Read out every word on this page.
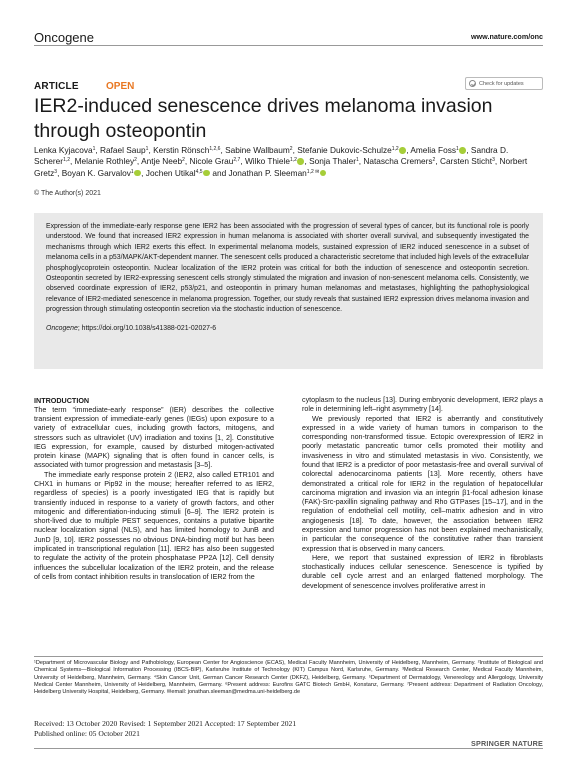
Oncogene	www.nature.com/onc
ARTICLE	OPEN	Check for updates
IER2-induced senescence drives melanoma invasion through osteopontin
Lenka Kyjacova$^1$, Rafael Saup$^1$, Kerstin Rönsch$^{1,2,6}$, Sabine Wallbaum$^2$, Stefanie Dukovic-Schulze$^{1,2}$ , Amelia Foss$^1$ , Sandra D. Scherer$^{1,2}$, Melanie Rothley$^2$, Antje Neeb$^2$, Nicole Grau$^{2,7}$, Wilko Thiele$^{1,2}$ , Sonja Thaler$^1$, Natascha Cremers$^2$, Carsten Sticht$^3$, Norbert Gretz$^3$, Boyan K. Garvalov$^1$ , Jochen Utikal$^{4,5}$ and Jonathan P. Sleeman$^{1,2 ✉}$
© The Author(s) 2021

Expression of the immediate-early response gene IER2 has been associated with the progression of several types of cancer, but its functional role is poorly understood. We found that increased IER2 expression in human melanoma is associated with shorter overall survival, and subsequently investigated the mechanisms through which IER2 exerts this effect. In experimental melanoma models, sustained expression of IER2 induced senescence in a subset of melanoma cells in a p53/MAPK/AKT-dependent manner. The senescent cells produced a characteristic secretome that included high levels of the extracellular phosphoglycoprotein osteopontin. Nuclear localization of the IER2 protein was critical for both the induction of senescence and osteopontin secretion. Osteopontin secreted by IER2-expressing senescent cells strongly stimulated the migration and invasion of non-senescent melanoma cells. Consistently, we observed coordinate expression of IER2, p53/p21, and osteopontin in primary human melanomas and metastases, highlighting the pathophysiological relevance of IER2-mediated senescence in melanoma progression. Together, our study reveals that sustained IER2 expression drives melanoma invasion and progression through stimulating osteopontin secretion via the stochastic induction of senescence.

Oncogene; https://doi.org/10.1038/s41388-021-02027-6

INTRODUCTION

The term “immediate-early response” (IER) describes the collective transient expression of immediate-early genes (IEGs) upon exposure to a variety of extracellular cues, including growth factors, mitogens, and stressors such as ultraviolet (UV) irradiation and toxins [1, 2]. Constitutive IEG expression, for example, caused by disturbed mitogen-activated protein kinase (MAPK) signaling that is often found in cancer cells, is associated with tumor progression and metastasis [3–5].

The immediate early response protein 2 (IER2, also called ETR101 and CHX1 in humans or Pip92 in the mouse; hereafter referred to as IER2, regardless of species) is a poorly investigated IEG that is rapidly but transiently induced in response to a variety of growth factors, and other mitogenic and differentiation-inducing stimuli [6–9]. The IER2 protein is short-lived due to multiple PEST sequences, contains a putative bipartite nuclear localization signal (NLS), and has limited homology to JunB and JunD [9, 10]. IER2 possesses no obvious DNA-binding motif but has been implicated in transcriptional regulation [11]. IER2 has also been suggested to regulate the activity of the protein phosphatase PP2A [12]. Cell density influences the subcellular localization of the IER2 protein, and the release of cells from contact inhibition results in translocation of IER2 from the

cytoplasm to the nucleus [13]. During embryonic development, IER2 plays a role in determining left–right asymmetry [14].

We previously reported that IER2 is aberrantly and constitutively expressed in a wide variety of human tumors in comparison to the corresponding non-transformed tissue. Ectopic overexpression of IER2 in poorly metastatic pancreatic tumor cells promoted their motility and invasiveness in vitro and stimulated metastasis in vivo. Consistently, we found that IER2 is a predictor of poor metastasis-free and overall survival of colorectal adenocarcinoma patients [13]. More recently, others have demonstrated a critical role for IER2 in the regulation of hepatocellular carcinoma migration and invasion via an integrin β1-focal adhesion kinase (FAK)-Src-paxillin signaling pathway and Rho GTPases [15–17], and in the regulation of endothelial cell motility, cell–matrix adhesion and in vitro angiogenesis [18]. To date, however, the association between IER2 expression and tumor progression has not been explained mechanistically, in particular the consequence of the constitutive rather than transient expression that is observed in many cancers.

Here, we report that sustained expression of IER2 in fibroblasts stochastically induces cellular senescence. Senescence is typified by durable cell cycle arrest and an enlarged flattened morphology. The development of senescence involves proliferative arrest in

¹Department of Microvascular Biology and Pathobiology, European Center for Angioscience (ECAS), Medical Faculty Mannheim, University of Heidelberg, Mannheim, Germany. ²Institute of Biological and Chemical Systems—Biological Information Processing (IBCS-BIP), Karlsruhe Institute of Technology (KIT) Campus Nord, Karlsruhe, Germany. ³Medical Research Center, Medical Faculty Mannheim, University of Heidelberg, Mannheim, Germany. ⁴Skin Cancer Unit, German Cancer Research Center (DKFZ), Heidelberg, Germany. ⁵Department of Dermatology, Venereology and Allergology, University Medical Center Mannheim, University of Heidelberg, Mannheim, Germany. ⁶Present address: Eurofins GATC Biotech GmbH, Konstanz, Germany. ⁷Present address: Department of Radiation Oncology, Heidelberg University Hospital, Heidelberg, Germany. ✉email: jonathan.sleeman@medma.uni-heidelberg.de

Received: 13 October 2020 Revised: 1 September 2021 Accepted: 17 September 2021
Published online: 05 October 2021
SPRINGER NATURE
